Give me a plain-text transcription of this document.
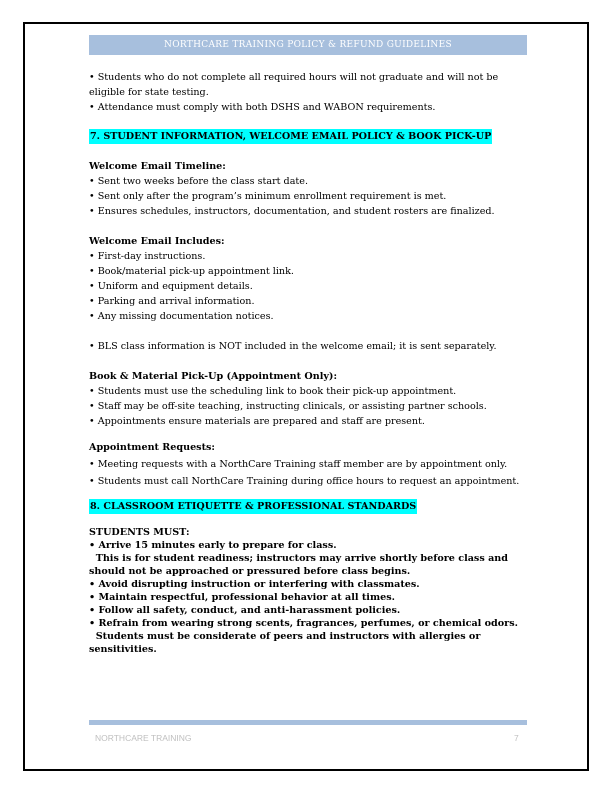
NORTHCARE TRAINING POLICY & REFUND GUIDELINES

• Students who do not complete all required hours will not graduate and will not be eligible for state testing.

• Attendance must comply with both DSHS and WABON requirements.

7. STUDENT INFORMATION, WELCOME EMAIL POLICY & BOOK PICK-UP

Welcome Email Timeline:

• Sent two weeks before the class start date.

• Sent only after the program’s minimum enrollment requirement is met.

• Ensures schedules, instructors, documentation, and student rosters are finalized.

Welcome Email Includes:

• First-day instructions.

• Book/material pick-up appointment link.

• Uniform and equipment details.

• Parking and arrival information.

• Any missing documentation notices.

• BLS class information is NOT included in the welcome email; it is sent separately.

Book & Material Pick-Up (Appointment Only):

• Students must use the scheduling link to book their pick-up appointment.

• Staff may be off-site teaching, instructing clinicals, or assisting partner schools.

• Appointments ensure materials are prepared and staff are present.

Appointment Requests:

• Meeting requests with a NorthCare Training staff member are by appointment only.

• Students must call NorthCare Training during office hours to request an appointment.

8. CLASSROOM ETIQUETTE & PROFESSIONAL STANDARDS

STUDENTS MUST:

• Arrive 15 minutes early to prepare for class.

This is for student readiness; instructors may arrive shortly before class and should not be approached or pressured before class begins.

• Avoid disrupting instruction or interfering with classmates.

• Maintain respectful, professional behavior at all times.

• Follow all safety, conduct, and anti-harassment policies.

• Refrain from wearing strong scents, fragrances, perfumes, or chemical odors.

Students must be considerate of peers and instructors with allergies or sensitivities.

NORTHCARE TRAINING	7
